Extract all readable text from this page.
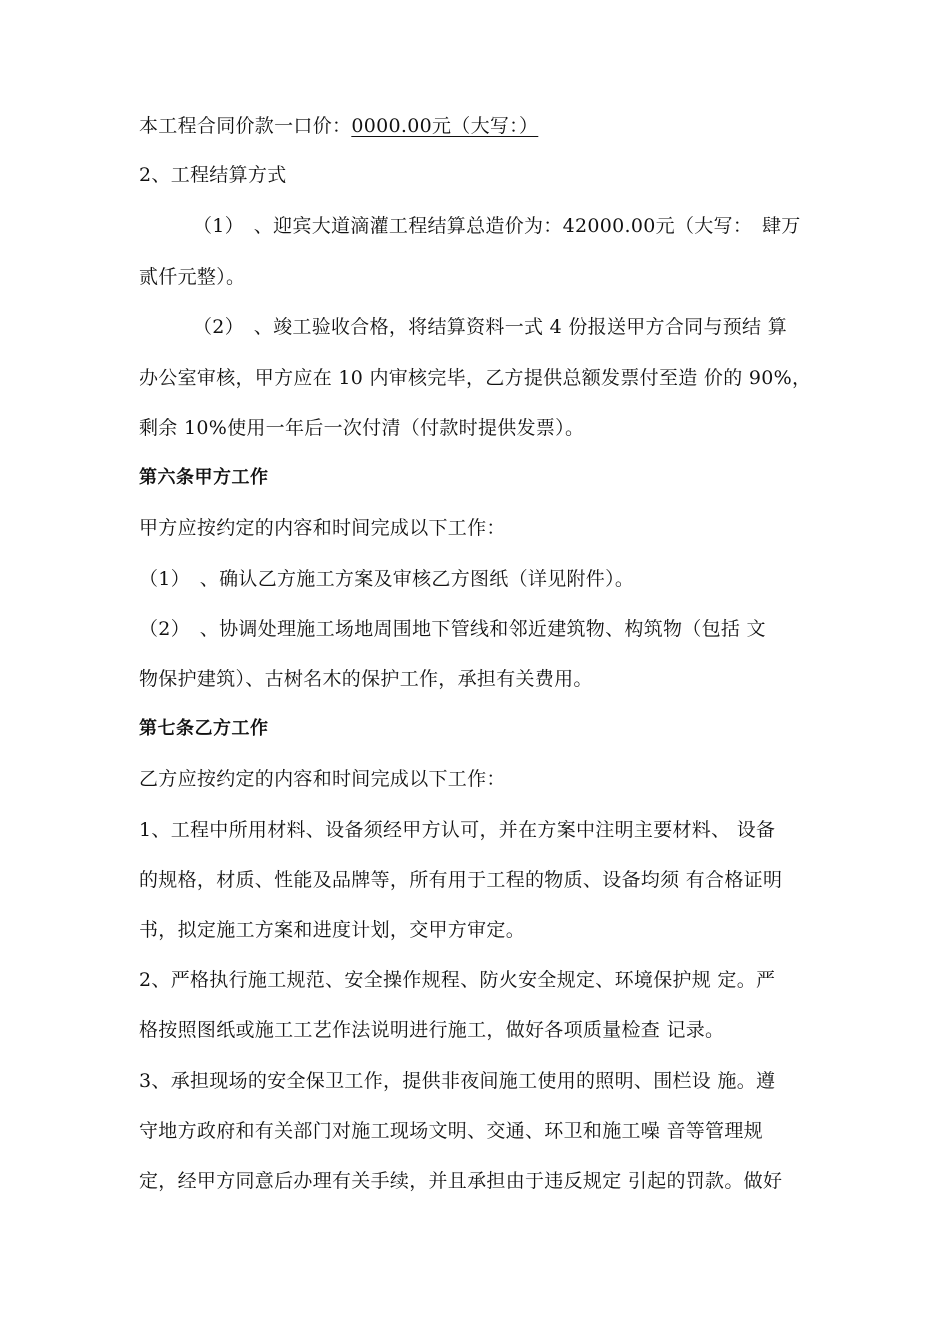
本工程合同价款一口价：0000.00元（大写：）
2、工程结算方式
（1）　、迎宾大道滴灌工程结算总造价为：42000.00元（大写：　肆万
贰仟元整）。
（2）　、竣工验收合格，将结算资料一式 4 份报送甲方合同与预结 算
办公室审核，甲方应在 10 内审核完毕，乙方提供总额发票付至造 价的 90%，
剩余 10%使用一年后一次付清（付款时提供发票）。
第六条甲方工作
甲方应按约定的内容和时间完成以下工作：
（1）　、确认乙方施工方案及审核乙方图纸（详见附件）。
（2）　、协调处理施工场地周围地下管线和邻近建筑物、构筑物（包括 文
物保护建筑）、古树名木的保护工作，承担有关费用。
第七条乙方工作
乙方应按约定的内容和时间完成以下工作：
1、工程中所用材料、设备须经甲方认可，并在方案中注明主要材料、 设备
的规格，材质、性能及品牌等，所有用于工程的物质、设备均须 有合格证明
书，拟定施工方案和进度计划，交甲方审定。
2、严格执行施工规范、安全操作规程、防火安全规定、环境保护规 定。严
格按照图纸或施工工艺作法说明进行施工，做好各项质量检查 记录。
3、承担现场的安全保卫工作，提供非夜间施工使用的照明、围栏设 施。遵
守地方政府和有关部门对施工现场文明、交通、环卫和施工噪 音等管理规
定，经甲方同意后办理有关手续，并且承担由于违反规定 引起的罚款。做好
